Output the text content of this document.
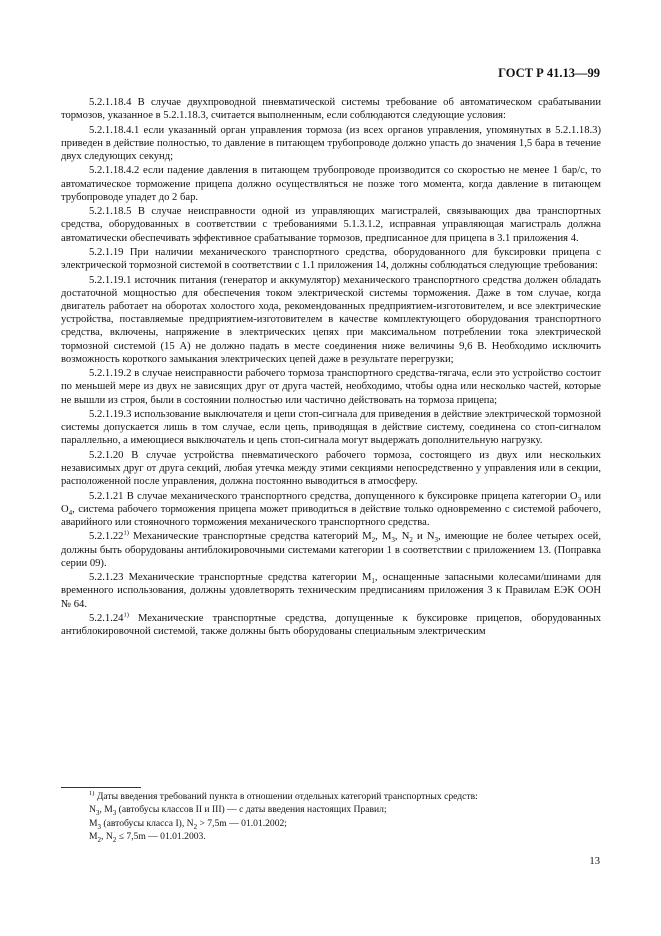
ГОСТ Р 41.13—99

5.2.1.18.4 В случае двухпроводной пневматической системы требование об автоматическом срабатывании тормозов, указанное в 5.2.1.18.3, считается выполненным, если соблюдаются следующие условия:

5.2.1.18.4.1 если указанный орган управления тормоза (из всех органов управления, упомянутых в 5.2.1.18.3) приведен в действие полностью, то давление в питающем трубопроводе должно упасть до значения 1,5 бара в течение двух следующих секунд;

5.2.1.18.4.2 если падение давления в питающем трубопроводе производится со скоростью не менее 1 бар/с, то автоматическое торможение прицепа должно осуществляться не позже того момента, когда давление в питающем трубопроводе упадет до 2 бар.

5.2.1.18.5 В случае неисправности одной из управляющих магистралей, связывающих два транспортных средства, оборудованных в соответствии с требованиями 5.1.3.1.2, исправная управляющая магистраль должна автоматически обеспечивать эффективное срабатывание тормозов, предписанное для прицепа в 3.1 приложения 4.

5.2.1.19 При наличии механического транспортного средства, оборудованного для буксировки прицепа с электрической тормозной системой в соответствии с 1.1 приложения 14, должны соблюдаться следующие требования:

5.2.1.19.1 источник питания (генератор и аккумулятор) механического транспортного средства должен обладать достаточной мощностью для обеспечения током электрической системы торможения. Даже в том случае, когда двигатель работает на оборотах холостого хода, рекомендованных предприятием-изготовителем, и все электрические устройства, поставляемые предприятием-изготовителем в качестве комплектующего оборудования транспортного средства, включены, напряжение в электрических цепях при максимальном потреблении тока электрической тормозной системой (15 А) не должно падать в месте соединения ниже величины 9,6 В. Необходимо исключить возможность короткого замыкания электрических цепей даже в результате перегрузки;

5.2.1.19.2 в случае неисправности рабочего тормоза транспортного средства-тягача, если это устройство состоит по меньшей мере из двух не зависящих друг от друга частей, необходимо, чтобы одна или несколько частей, которые не вышли из строя, были в состоянии полностью или частично действовать на тормоза прицепа;

5.2.1.19.3 использование выключателя и цепи стоп-сигнала для приведения в действие электрической тормозной системы допускается лишь в том случае, если цепь, приводящая в действие систему, соединена со стоп-сигналом параллельно, а имеющиеся выключатель и цепь стоп-сигнала могут выдержать дополнительную нагрузку.

5.2.1.20 В случае устройства пневматического рабочего тормоза, состоящего из двух или нескольких независимых друг от друга секций, любая утечка между этими секциями непосредственно у управления или в секции, расположенной после управления, должна постоянно выводиться в атмосферу.

5.2.1.21 В случае механического транспортного средства, допущенного к буксировке прицепа категории $О_3$ или $О_4$, система рабочего торможения прицепа может приводиться в действие только одновременно с системой рабочего, аварийного или стояночного торможения механического транспортного средства.

5.2.1.22$^{1)}$ Механические транспортные средства категорий $М_2$, $М_3$, $N_2$ и $N_3$, имеющие не более четырех осей, должны быть оборудованы антиблокировочными системами категории 1 в соответствии с приложением 13. (Поправка серии 09).

5.2.1.23 Механические транспортные средства категории $М_1$, оснащенные запасными колесами/шинами для временного использования, должны удовлетворять техническим предписаниям приложения 3 к Правилам ЕЭК ООН № 64.

5.2.1.24$^{1)}$ Механические транспортные средства, допущенные к буксировке прицепов, оборудованных антиблокировочной системой, также должны быть оборудованы специальным электрическим

$^{1)}$ Даты введения требований пункта в отношении отдельных категорий транспортных средств:
$N_3$, $M_3$ (автобусы классов II и III) — с даты введения настоящих Правил;
$M_3$ (автобусы класса I), $N_2 > 7,5m$ — 01.01.2002;
$M_2$, $N_2 \le 7,5m$ — 01.01.2003.
13
